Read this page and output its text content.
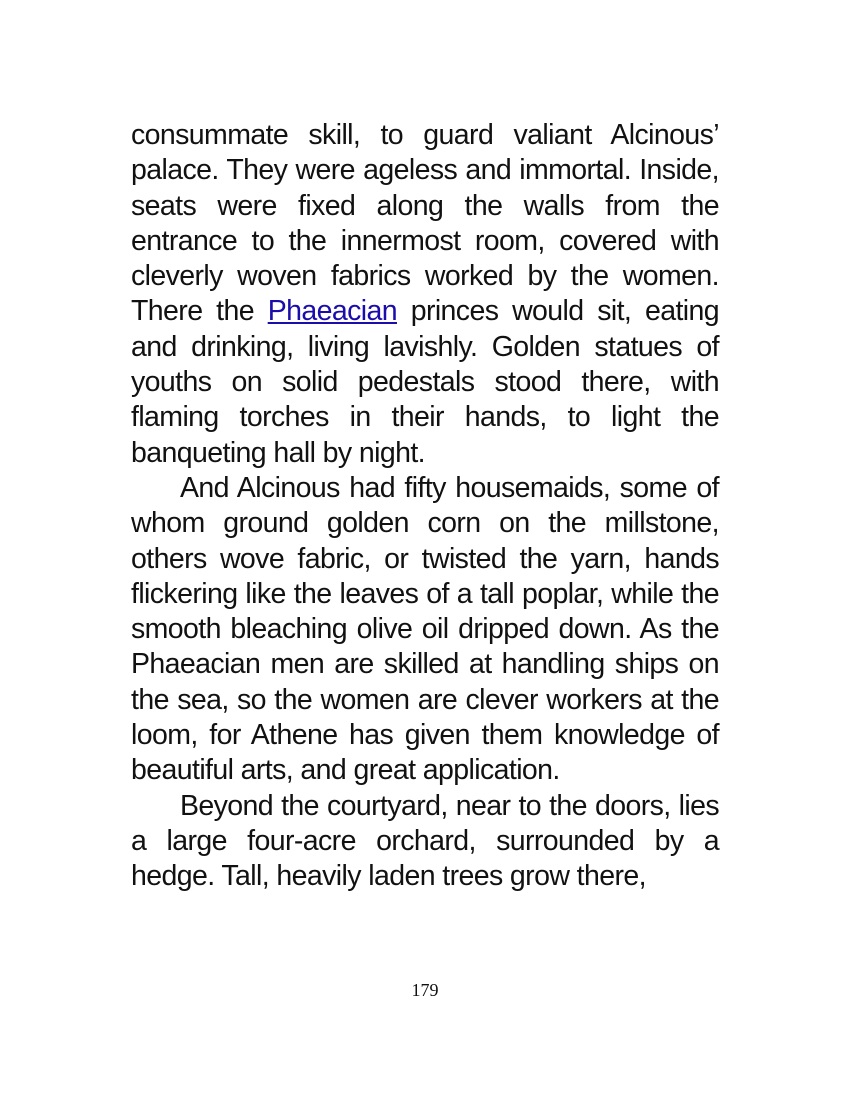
consummate skill, to guard valiant Alcinous’ palace. They were ageless and immortal. Inside, seats were fixed along the walls from the entrance to the innermost room, covered with cleverly woven fabrics worked by the women. There the Phaeacian princes would sit, eating and drinking, living lavishly. Golden statues of youths on solid pedestals stood there, with flaming torches in their hands, to light the banqueting hall by night.

And Alcinous had fifty housemaids, some of whom ground golden corn on the millstone, others wove fabric, or twisted the yarn, hands flickering like the leaves of a tall poplar, while the smooth bleaching olive oil dripped down. As the Phaeacian men are skilled at handling ships on the sea, so the women are clever workers at the loom, for Athene has given them knowledge of beautiful arts, and great application.

Beyond the courtyard, near to the doors, lies a large four-acre orchard, surrounded by a hedge. Tall, heavily laden trees grow there,

179
